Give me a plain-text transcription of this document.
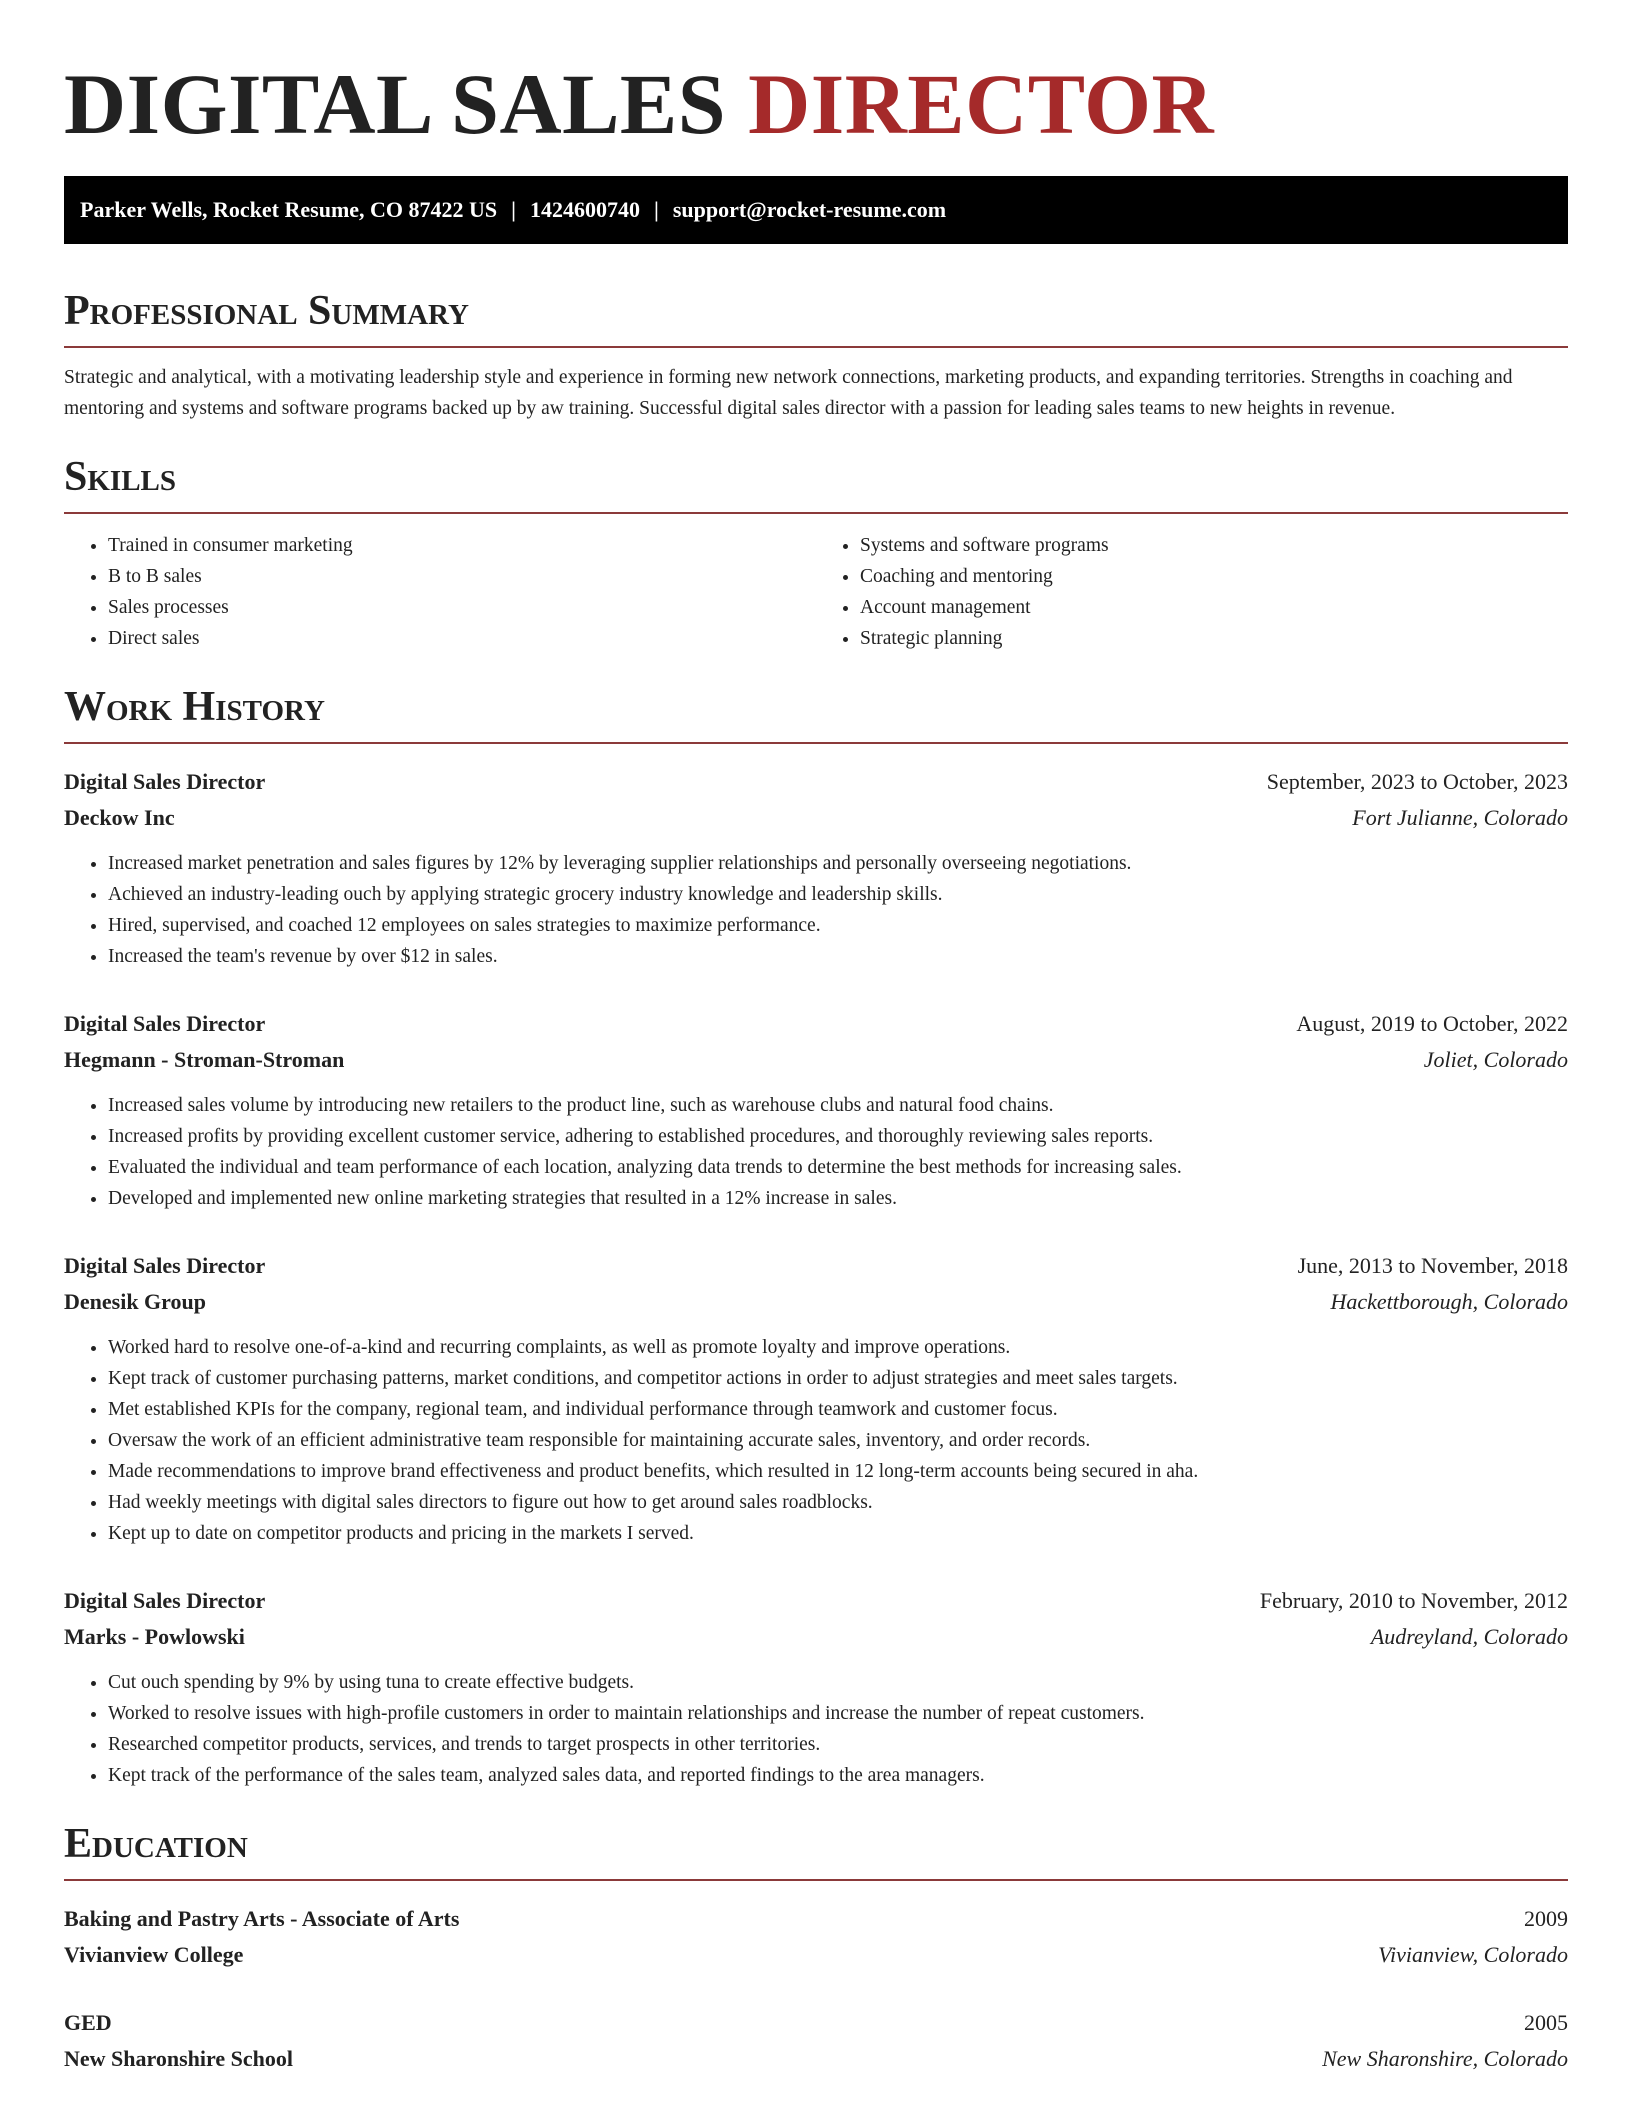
DIGITAL SALES DIRECTOR
Parker Wells, Rocket Resume, CO 87422 US | 1424600740 | support@rocket-resume.com
Professional Summary

Strategic and analytical, with a motivating leadership style and experience in forming new network connections, marketing products, and expanding territories. Strengths in coaching and mentoring and systems and software programs backed up by aw training. Successful digital sales director with a passion for leading sales teams to new heights in revenue.

Skills
• Trained in consumer marketing
• B to B sales
• Sales processes
• Direct sales
• Systems and software programs
• Coaching and mentoring
• Account management
• Strategic planning
Work History
Digital Sales Director	September, 2023 to October, 2023
Deckow Inc	Fort Julianne, Colorado
• Increased market penetration and sales figures by 12% by leveraging supplier relationships and personally overseeing negotiations.
• Achieved an industry-leading ouch by applying strategic grocery industry knowledge and leadership skills.
• Hired, supervised, and coached 12 employees on sales strategies to maximize performance.
• Increased the team's revenue by over $12 in sales.
Digital Sales Director	August, 2019 to October, 2022
Hegmann - Stroman-Stroman	Joliet, Colorado
• Increased sales volume by introducing new retailers to the product line, such as warehouse clubs and natural food chains.
• Increased profits by providing excellent customer service, adhering to established procedures, and thoroughly reviewing sales reports.
• Evaluated the individual and team performance of each location, analyzing data trends to determine the best methods for increasing sales.
• Developed and implemented new online marketing strategies that resulted in a 12% increase in sales.
Digital Sales Director	June, 2013 to November, 2018
Denesik Group	Hackettborough, Colorado
• Worked hard to resolve one-of-a-kind and recurring complaints, as well as promote loyalty and improve operations.
• Kept track of customer purchasing patterns, market conditions, and competitor actions in order to adjust strategies and meet sales targets.
• Met established KPIs for the company, regional team, and individual performance through teamwork and customer focus.
• Oversaw the work of an efficient administrative team responsible for maintaining accurate sales, inventory, and order records.
• Made recommendations to improve brand effectiveness and product benefits, which resulted in 12 long-term accounts being secured in aha.
• Had weekly meetings with digital sales directors to figure out how to get around sales roadblocks.
• Kept up to date on competitor products and pricing in the markets I served.
Digital Sales Director	February, 2010 to November, 2012
Marks - Powlowski	Audreyland, Colorado
• Cut ouch spending by 9% by using tuna to create effective budgets.
• Worked to resolve issues with high-profile customers in order to maintain relationships and increase the number of repeat customers.
• Researched competitor products, services, and trends to target prospects in other territories.
• Kept track of the performance of the sales team, analyzed sales data, and reported findings to the area managers.
Education
Baking and Pastry Arts - Associate of Arts	2009
Vivianview College	Vivianview, Colorado
GED	2005
New Sharonshire School	New Sharonshire, Colorado
